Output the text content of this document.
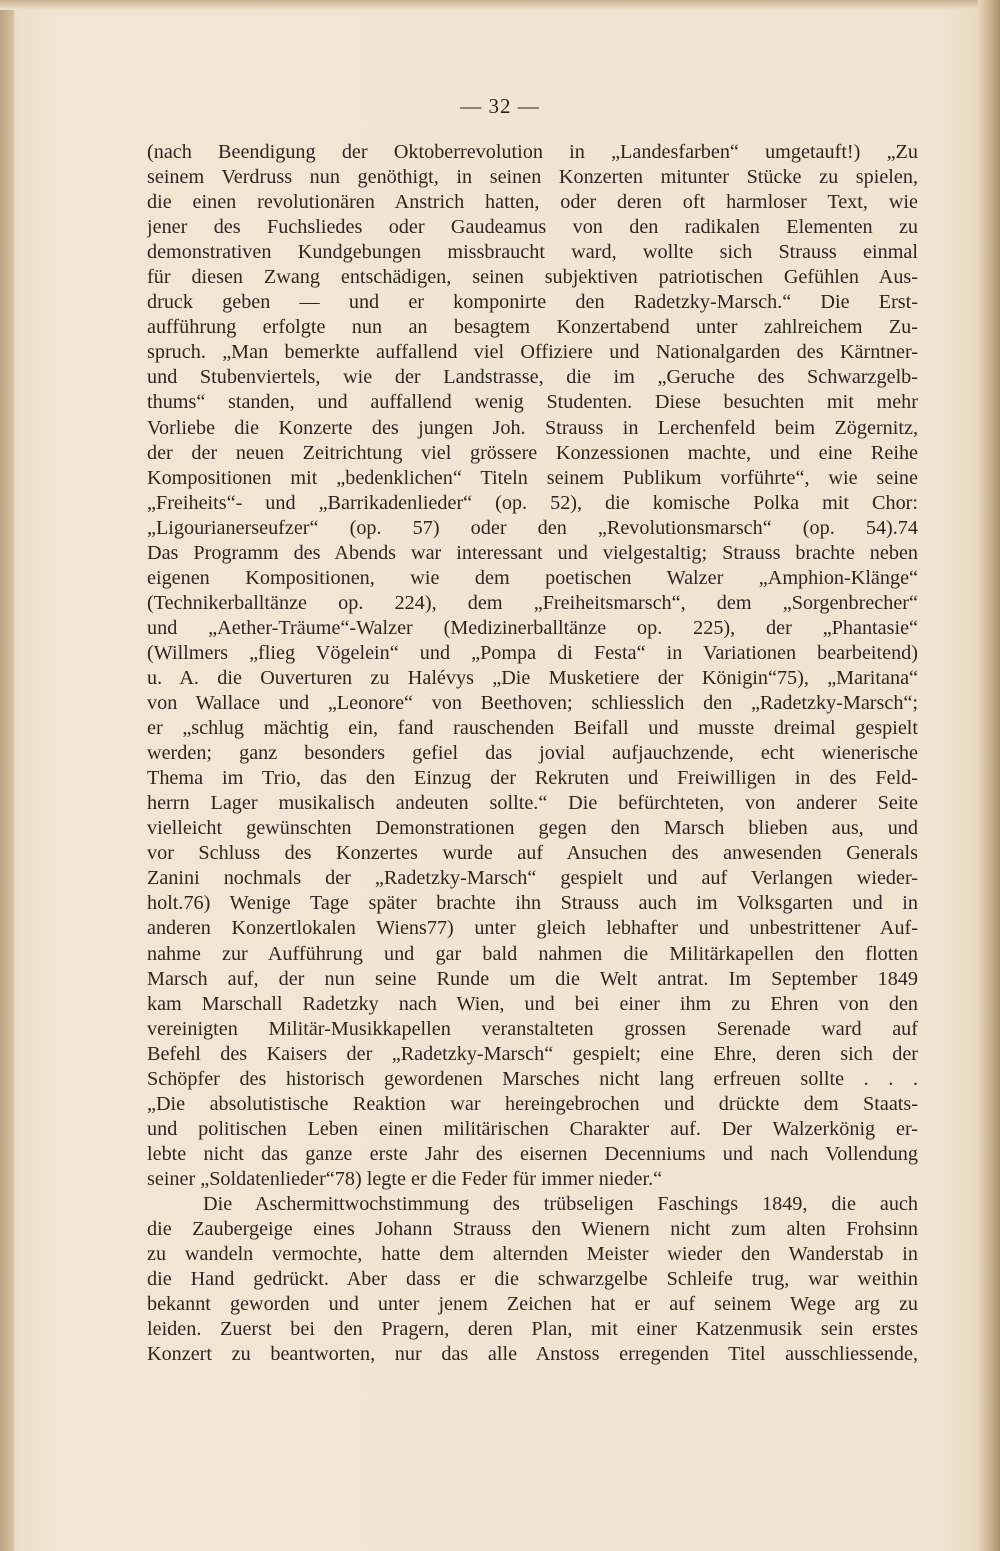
— 32 —
(nach Beendigung der Oktoberrevolution in „Landesfarben“ umgetauft!) „Zu
seinem Verdruss nun genöthigt, in seinen Konzerten mitunter Stücke zu spielen,
die einen revolutionären Anstrich hatten, oder deren oft harmloser Text, wie
jener des Fuchsliedes oder Gaudeamus von den radikalen Elementen zu
demonstrativen Kundgebungen missbraucht ward, wollte sich Strauss einmal
für diesen Zwang entschädigen, seinen subjektiven patriotischen Gefühlen Aus-
druck geben — und er komponirte den Radetzky-Marsch.“ Die Erst-
aufführung erfolgte nun an besagtem Konzertabend unter zahlreichem Zu-
spruch. „Man bemerkte auffallend viel Offiziere und Nationalgarden des Kärntner-
und Stubenviertels, wie der Landstrasse, die im „Geruche des Schwarzgelb-
thums“ standen, und auffallend wenig Studenten. Diese besuchten mit mehr
Vorliebe die Konzerte des jungen Joh. Strauss in Lerchenfeld beim Zögernitz,
der der neuen Zeitrichtung viel grössere Konzessionen machte, und eine Reihe
Kompositionen mit „bedenklichen“ Titeln seinem Publikum vorführte“, wie seine
„Freiheits“- und „Barrikadenlieder“ (op. 52), die komische Polka mit Chor:
„Ligourianerseufzer“ (op. 57) oder den „Revolutionsmarsch“ (op. 54).74
Das Programm des Abends war interessant und vielgestaltig; Strauss brachte neben
eigenen Kompositionen, wie dem poetischen Walzer „Amphion-Klänge“
(Technikerballtänze op. 224), dem „Freiheitsmarsch“, dem „Sorgenbrecher“
und „Aether-Träume“-Walzer (Medizinerballtänze op. 225), der „Phantasie“
(Willmers „flieg Vögelein“ und „Pompa di Festa“ in Variationen bearbeitend)
u. A. die Ouverturen zu Halévys „Die Musketiere der Königin“75), „Maritana“
von Wallace und „Leonore“ von Beethoven; schliesslich den „Radetzky-Marsch“;
er „schlug mächtig ein, fand rauschenden Beifall und musste dreimal gespielt
werden; ganz besonders gefiel das jovial aufjauchzende, echt wienerische
Thema im Trio, das den Einzug der Rekruten und Freiwilligen in des Feld-
herrn Lager musikalisch andeuten sollte.“ Die befürchteten, von anderer Seite
vielleicht gewünschten Demonstrationen gegen den Marsch blieben aus, und
vor Schluss des Konzertes wurde auf Ansuchen des anwesenden Generals
Zanini nochmals der „Radetzky-Marsch“ gespielt und auf Verlangen wieder-
holt.76) Wenige Tage später brachte ihn Strauss auch im Volksgarten und in
anderen Konzertlokalen Wiens77) unter gleich lebhafter und unbestrittener Auf-
nahme zur Aufführung und gar bald nahmen die Militärkapellen den flotten
Marsch auf, der nun seine Runde um die Welt antrat. Im September 1849
kam Marschall Radetzky nach Wien, und bei einer ihm zu Ehren von den
vereinigten Militär-Musikkapellen veranstalteten grossen Serenade ward auf
Befehl des Kaisers der „Radetzky-Marsch“ gespielt; eine Ehre, deren sich der
Schöpfer des historisch gewordenen Marsches nicht lang erfreuen sollte . . .
„Die absolutistische Reaktion war hereingebrochen und drückte dem Staats-
und politischen Leben einen militärischen Charakter auf. Der Walzerkönig er-
lebte nicht das ganze erste Jahr des eisernen Decenniums und nach Vollendung
seiner „Soldatenlieder“78) legte er die Feder für immer nieder.“
Die Aschermittwochstimmung des trübseligen Faschings 1849, die auch
die Zaubergeige eines Johann Strauss den Wienern nicht zum alten Frohsinn
zu wandeln vermochte, hatte dem alternden Meister wieder den Wanderstab in
die Hand gedrückt. Aber dass er die schwarzgelbe Schleife trug, war weithin
bekannt geworden und unter jenem Zeichen hat er auf seinem Wege arg zu
leiden. Zuerst bei den Pragern, deren Plan, mit einer Katzenmusik sein erstes
Konzert zu beantworten, nur das alle Anstoss erregenden Titel ausschliessende,
